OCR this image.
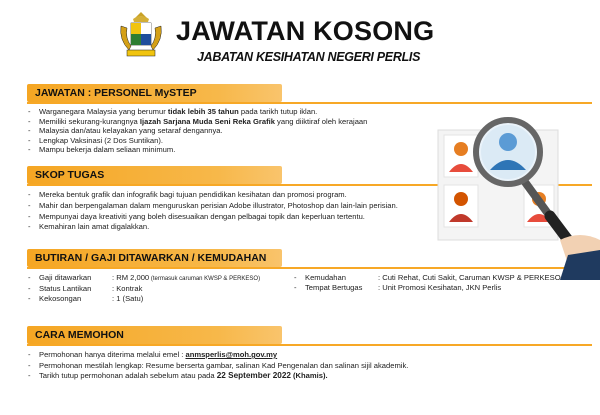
JAWATAN KOSONG
JABATAN KESIHATAN NEGERI PERLIS
JAWATAN : PERSONEL MySTEP
- Warganegara Malaysia yang berumur tidak lebih 35 tahun pada tarikh tutup iklan.
- Memiliki sekurang-kurangnya Ijazah Sarjana Muda Seni Reka Grafik yang diiktiraf oleh kerajaan
- Malaysia dan/atau kelayakan yang setaraf dengannya.
- Lengkap Vaksinasi (2 Dos Suntikan).
- Mampu bekerja dalam seliaan minimum.
SKOP TUGAS
- Mereka bentuk grafik dan infografik bagi tujuan pendidikan kesihatan dan promosi program.
- Mahir dan berpengalaman dalam menguruskan perisian Adobe illustrator, Photoshop dan lain-lain perisian.
- Mempunyai daya kreativiti yang boleh disesuaikan dengan pelbagai topik dan keperluan tertentu.
- Kemahiran lain amat digalakkan.
BUTIRAN / GAJI DITAWARKAN / KEMUDAHAN
- Gaji ditawarkan	: RM 2,000 (termasuk caruman KWSP & PERKESO)
- Status Lantikan	: Kontrak
- Kekosongan	: 1 (Satu)
- Kemudahan	: Cuti Rehat, Cuti Sakit, Caruman KWSP & PERKESO
- Tempat Bertugas : Unit Promosi Kesihatan, JKN Perlis
CARA MEMOHON
- Permohonan hanya diterima melalui emel : anmsperlis@moh.gov.my
- Permohonan mestilah lengkap: Resume berserta gambar, salinan Kad Pengenalan dan salinan sijil akademik.
- Tarikh tutup permohonan adalah sebelum atau pada 22 September 2022 (Khamis).
